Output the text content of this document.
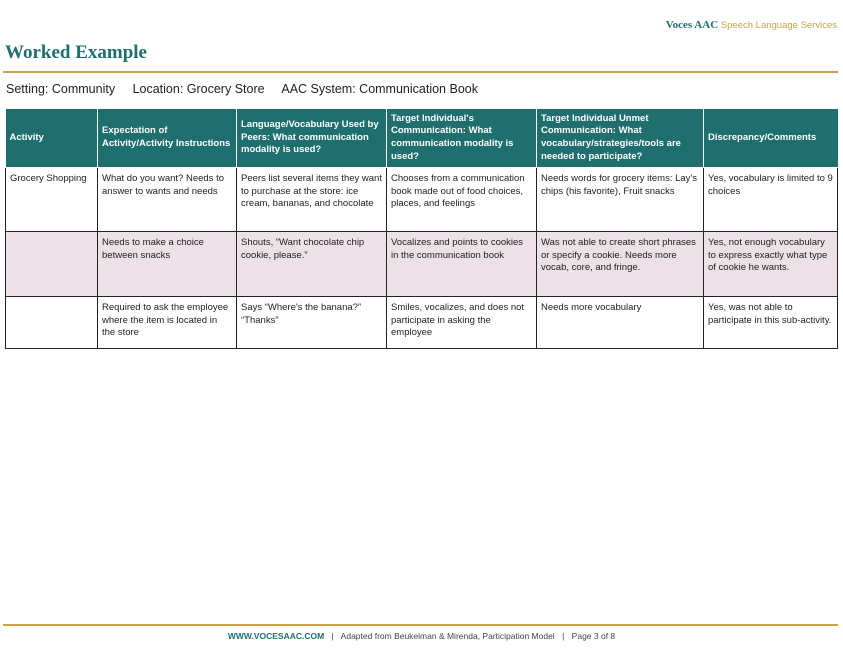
Voces AAC Speech Language Services
Worked Example
Setting: Community Location: Grocery Store AAC System: Communication Book
Activity	Expectation of Activity/Activity Instructions	Language/Vocabulary Used by Peers: What communication modality is used?	Target Individual's Communication: What communication modality is used?	Target Individual Unmet Communication: What vocabulary/strategies/tools are needed to participate?	Discrepancy/Comments
Grocery Shopping	What do you want? Needs to answer to wants and needs	Peers list several items they want to purchase at the store: ice cream, bananas, and chocolate	Chooses from a communication book made out of food choices, places, and feelings	Needs words for grocery items: Lay's chips (his favorite), Fruit snacks	Yes, vocabulary is limited to 9 choices
	Needs to make a choice between snacks	Shouts, “Want chocolate chip cookie, please.”	Vocalizes and points to cookies in the communication book	Was not able to create short phrases or specify a cookie. Needs more vocab, core, and fringe.	Yes, not enough vocabulary to express exactly what type of cookie he wants.
	Required to ask the employee where the item is located in the store	Says “Where's the banana?” “Thanks”	Smiles, vocalizes, and does not participate in asking the employee	Needs more vocabulary	Yes, was not able to participate in this sub-activity.
WWW.VOCESAAC.COM | Adapted from Beukelman & Mirenda, Participation Model | Page 3 of 8
